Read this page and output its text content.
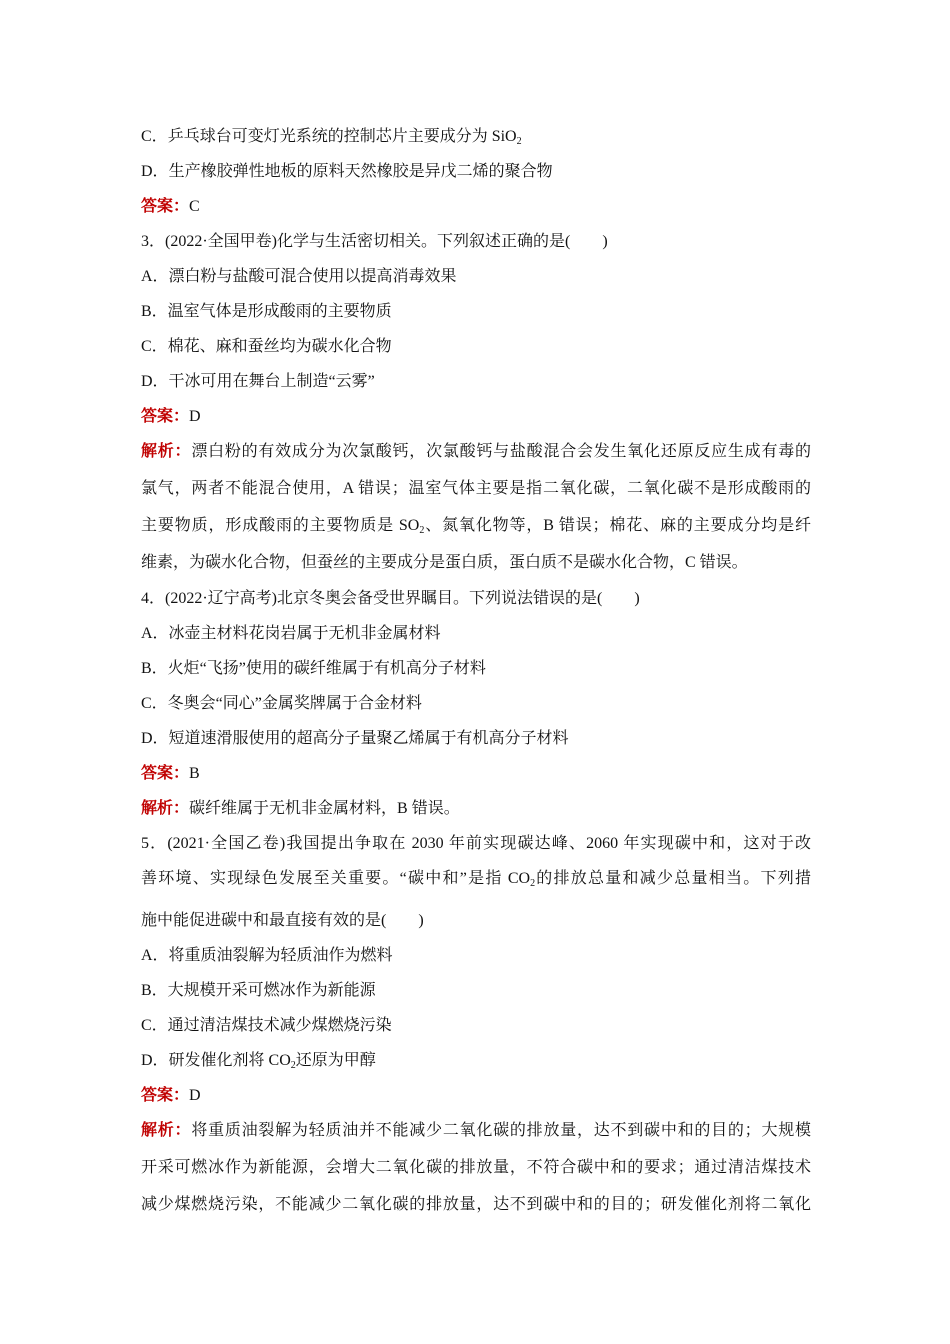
C．乒乓球台可变灯光系统的控制芯片主要成分为 SiO$_2$
D．生产橡胶弹性地板的原料天然橡胶是异戊二烯的聚合物
答案：C
3．(2022·全国甲卷)化学与生活密切相关。下列叙述正确的是(　　)
A．漂白粉与盐酸可混合使用以提高消毒效果
B．温室气体是形成酸雨的主要物质
C．棉花、麻和蚕丝均为碳水化合物
D．干冰可用在舞台上制造“云雾”
答案：D
解析：漂白粉的有效成分为次氯酸钙，次氯酸钙与盐酸混合会发生氧化还原反应生成有毒的
氯气，两者不能混合使用，A 错误；温室气体主要是指二氧化碳，二氧化碳不是形成酸雨的
主要物质，形成酸雨的主要物质是 $SO_2$、氮氧化物等，B 错误；棉花、麻的主要成分均是纤
维素，为碳水化合物，但蚕丝的主要成分是蛋白质，蛋白质不是碳水化合物，C 错误。
4．(2022·辽宁高考)北京冬奥会备受世界瞩目。下列说法错误的是(　　)
A．冰壶主材料花岗岩属于无机非金属材料
B．火炬“飞扬”使用的碳纤维属于有机高分子材料
C．冬奥会“同心”金属奖牌属于合金材料
D．短道速滑服使用的超高分子量聚乙烯属于有机高分子材料
答案：B
解析：碳纤维属于无机非金属材料，B 错误。
5．(2021·全国乙卷)我国提出争取在 2030 年前实现碳达峰、2060 年实现碳中和，这对于改
善环境、实现绿色发展至关重要。“碳中和”是指 $CO_2$的排放总量和减少总量相当。下列措
施中能促进碳中和最直接有效的是(　　)
A．将重质油裂解为轻质油作为燃料
B．大规模开采可燃冰作为新能源
C．通过清洁煤技术减少煤燃烧污染
D．研发催化剂将 $CO_2$还原为甲醇
答案：D
解析：将重质油裂解为轻质油并不能减少二氧化碳的排放量，达不到碳中和的目的；大规模
开采可燃冰作为新能源，会增大二氧化碳的排放量，不符合碳中和的要求；通过清洁煤技术
减少煤燃烧污染，不能减少二氧化碳的排放量，达不到碳中和的目的；研发催化剂将二氧化
